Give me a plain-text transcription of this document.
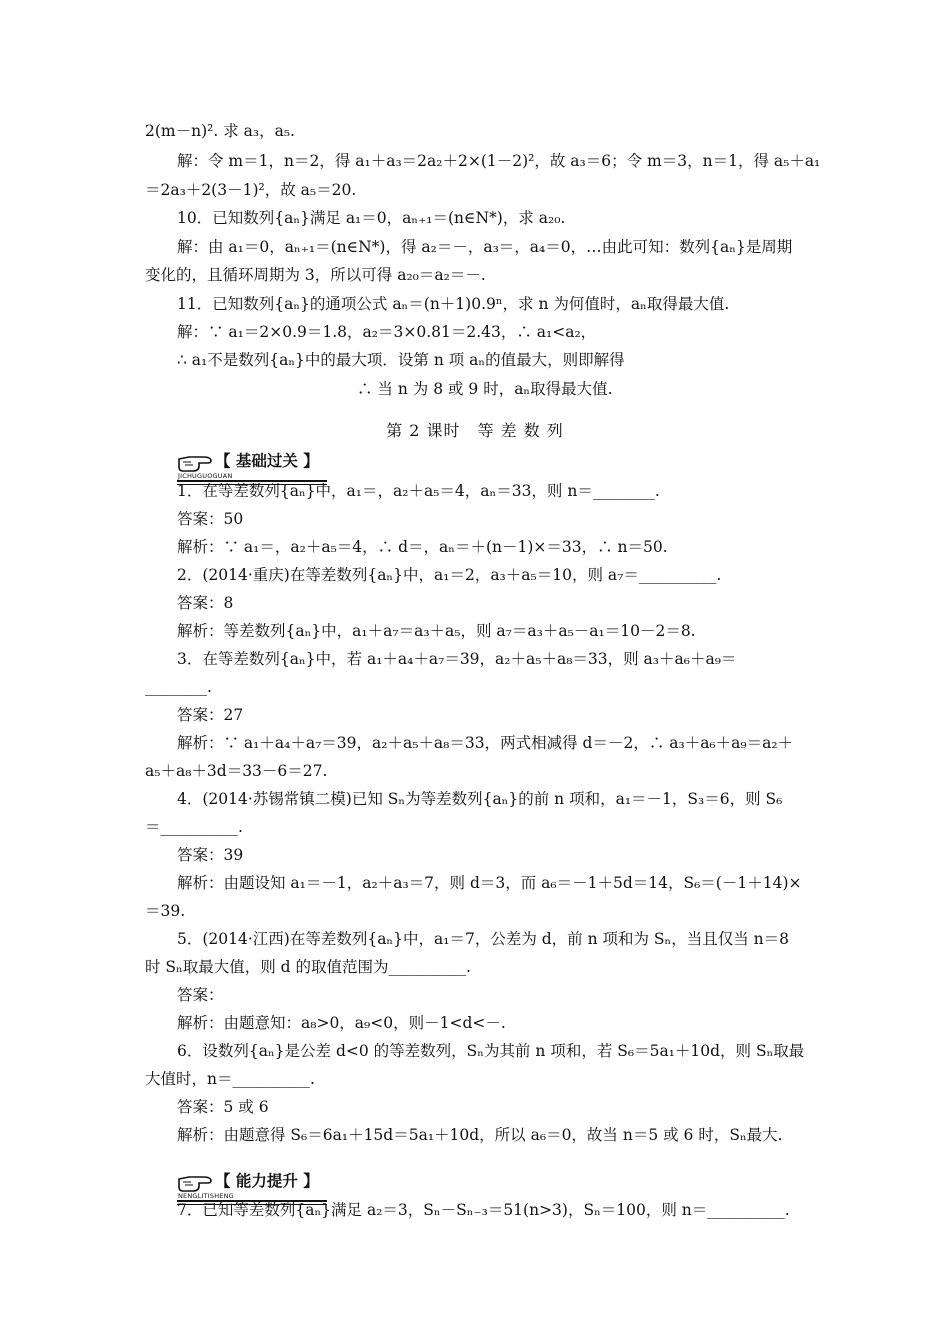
2(m－n)². 求 a₃，a₅.
解：令 m＝1，n＝2，得 a₁＋a₃＝2a₂＋2×(1－2)²，故 a₃＝6；令 m＝3，n＝1，得 a₅＋a₁
＝2a₃＋2(3－1)²，故 a₅＝20.
10．已知数列{aₙ}满足 a₁＝0，aₙ₊₁＝(n∈N*)，求 a₂₀.
解：由 a₁＝0，aₙ₊₁＝(n∈N*)，得 a₂＝－，a₃＝，a₄＝0，…由此可知：数列{aₙ}是周期
变化的，且循环周期为 3，所以可得 a₂₀＝a₂＝－.
11．已知数列{aₙ}的通项公式 aₙ＝(n＋1)0.9ⁿ，求 n 为何值时，aₙ取得最大值.
解：∵ a₁＝2×0.9＝1.8，a₂＝3×0.81＝2.43，∴ a₁<a₂，
∴ a₁不是数列{aₙ}中的最大项．设第 n 项 aₙ的值最大，则即解得
∴ 当 n 为 8 或 9 时，aₙ取得最大值.
第 2 课时　等 差 数 列
【 基础过关 】
JICHUGUOGUAN
1．在等差数列{aₙ}中，a₁＝，a₂＋a₅＝4，aₙ＝33，则 n＝________.
答案：50
解析：∵ a₁＝，a₂＋a₅＝4，∴ d＝，aₙ＝＋(n－1)×＝33，∴ n＝50.
2．(2014·重庆)在等差数列{aₙ}中，a₁＝2，a₃＋a₅＝10，则 a₇＝__________.
答案：8
解析：等差数列{aₙ}中，a₁＋a₇＝a₃＋a₅，则 a₇＝a₃＋a₅－a₁＝10－2＝8.
3．在等差数列{aₙ}中，若 a₁＋a₄＋a₇＝39，a₂＋a₅＋a₈＝33，则 a₃＋a₆＋a₉＝
________.
答案：27
解析：∵ a₁＋a₄＋a₇＝39，a₂＋a₅＋a₈＝33，两式相减得 d＝－2，∴ a₃＋a₆＋a₉＝a₂＋
a₅＋a₈＋3d＝33－6＝27.
4．(2014·苏锡常镇二模)已知 Sₙ为等差数列{aₙ}的前 n 项和，a₁＝－1，S₃＝6，则 S₆
＝__________.
答案：39
解析：由题设知 a₁＝－1，a₂＋a₃＝7，则 d＝3，而 a₆＝－1＋5d＝14，S₆＝(－1＋14)×
＝39.
5．(2014·江西)在等差数列{aₙ}中，a₁＝7，公差为 d，前 n 项和为 Sₙ，当且仅当 n＝8
时 Sₙ取最大值，则 d 的取值范围为__________.
答案：
解析：由题意知：a₈>0，a₉<0，则－1<d<－.
6．设数列{aₙ}是公差 d<0 的等差数列，Sₙ为其前 n 项和，若 S₆＝5a₁＋10d，则 Sₙ取最
大值时，n＝__________.
答案：5 或 6
解析：由题意得 S₆＝6a₁＋15d＝5a₁＋10d，所以 a₆＝0，故当 n＝5 或 6 时，Sₙ最大.
【 能力提升 】
NENGLITISHENG
7．已知等差数列{aₙ}满足 a₂＝3，Sₙ－Sₙ₋₃＝51(n>3)，Sₙ＝100，则 n＝__________.
